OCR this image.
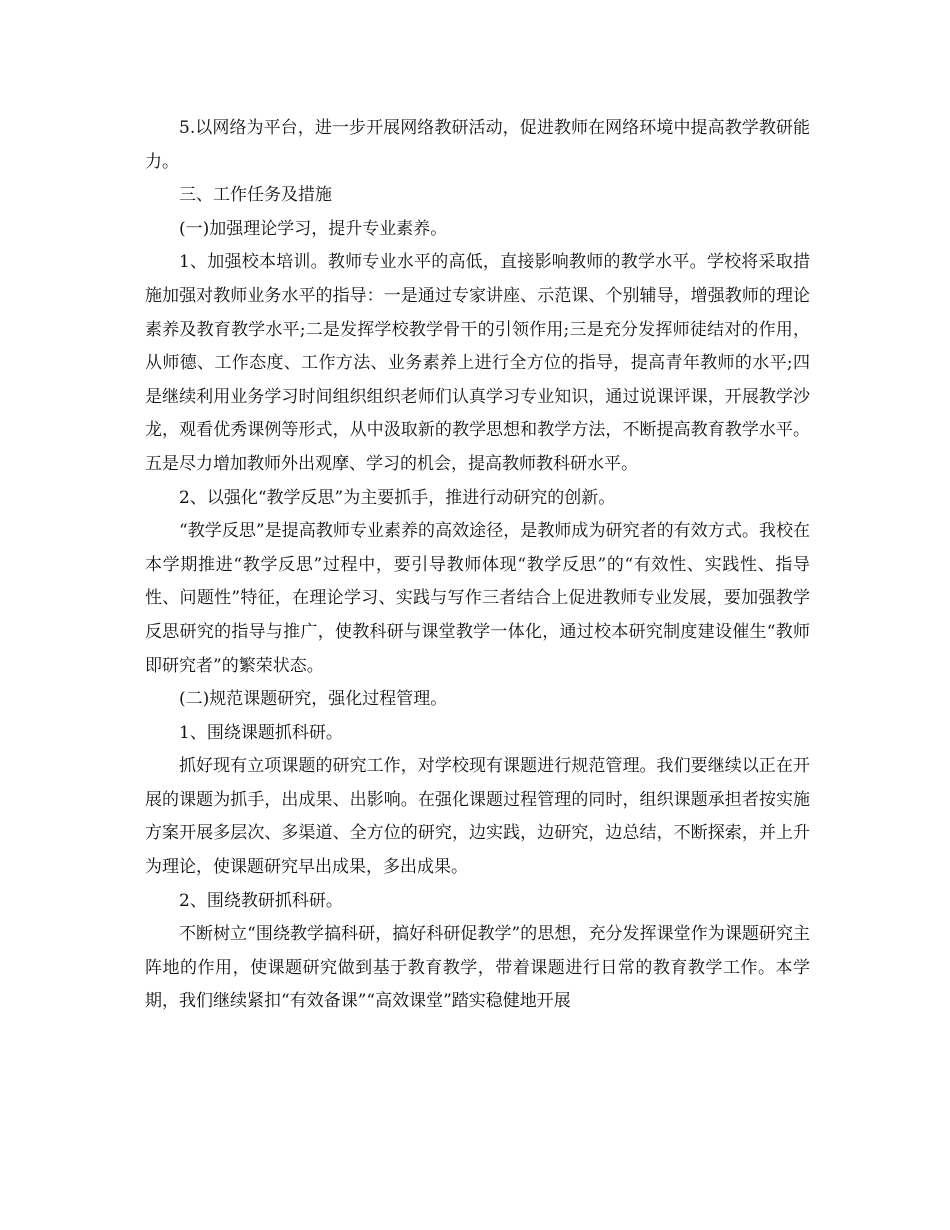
5.以网络为平台，进一步开展网络教研活动，促进教师在网络环境中提高教学教研能力。

三、工作任务及措施

(一)加强理论学习，提升专业素养。

1、加强校本培训。教师专业水平的高低，直接影响教师的教学水平。学校将采取措施加强对教师业务水平的指导：一是通过专家讲座、示范课、个别辅导，增强教师的理论素养及教育教学水平;二是发挥学校教学骨干的引领作用;三是充分发挥师徒结对的作用，从师德、工作态度、工作方法、业务素养上进行全方位的指导，提高青年教师的水平;四是继续利用业务学习时间组织组织老师们认真学习专业知识，通过说课评课，开展教学沙龙，观看优秀课例等形式，从中汲取新的教学思想和教学方法，不断提高教育教学水平。五是尽力增加教师外出观摩、学习的机会，提高教师教科研水平。

2、以强化“教学反思”为主要抓手，推进行动研究的创新。

“教学反思”是提高教师专业素养的高效途径，是教师成为研究者的有效方式。我校在本学期推进“教学反思”过程中，要引导教师体现“教学反思”的“有效性、实践性、指导性、问题性”特征，在理论学习、实践与写作三者结合上促进教师专业发展，要加强教学反思研究的指导与推广，使教科研与课堂教学一体化，通过校本研究制度建设催生“教师即研究者”的繁荣状态。

(二)规范课题研究，强化过程管理。

1、围绕课题抓科研。

抓好现有立项课题的研究工作，对学校现有课题进行规范管理。我们要继续以正在开展的课题为抓手，出成果、出影响。在强化课题过程管理的同时，组织课题承担者按实施方案开展多层次、多渠道、全方位的研究，边实践，边研究，边总结，不断探索，并上升为理论，使课题研究早出成果，多出成果。

2、围绕教研抓科研。

不断树立“围绕教学搞科研，搞好科研促教学”的思想，充分发挥课堂作为课题研究主阵地的作用，使课题研究做到基于教育教学，带着课题进行日常的教育教学工作。本学期，我们继续紧扣“有效备课”“高效课堂”踏实稳健地开展
